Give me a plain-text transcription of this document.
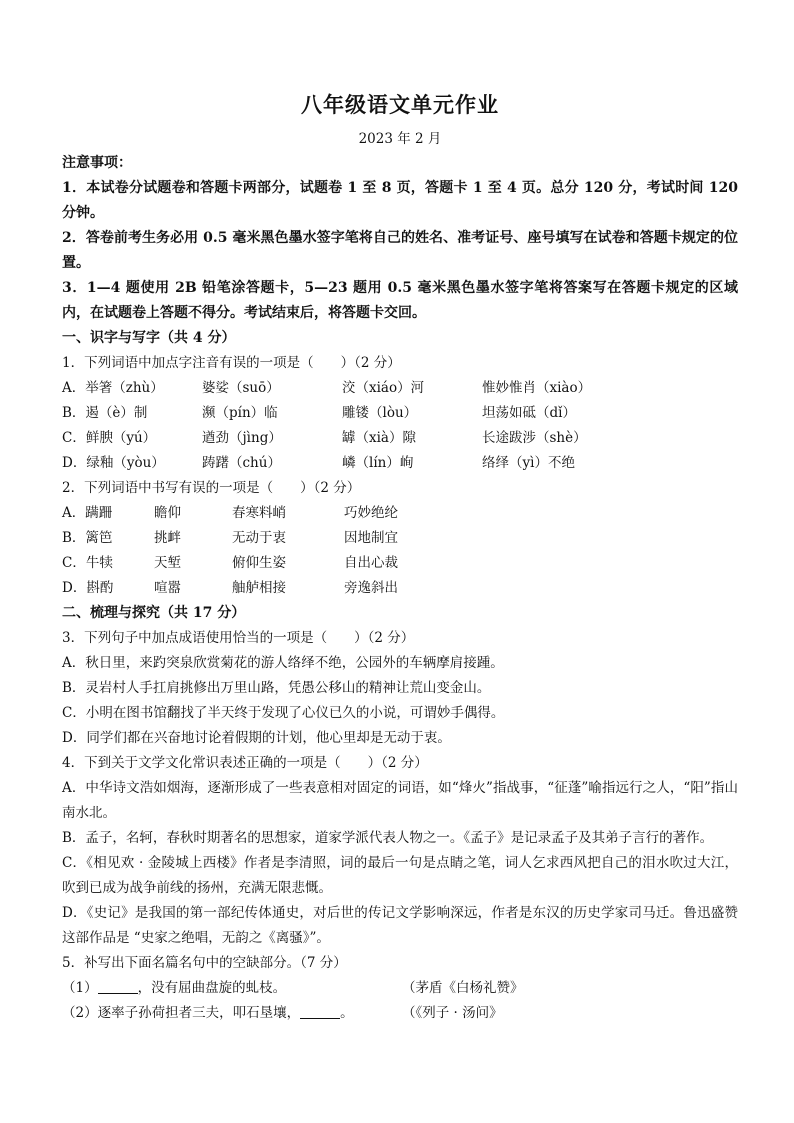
八年级语文单元作业
2023 年 2 月
注意事项：
1．本试卷分试题卷和答题卡两部分，试题卷 1 至 8 页，答题卡 1 至 4 页。总分 120 分，考试时间 120 分钟。
2．答卷前考生务必用 0.5 毫米黑色墨水签字笔将自己的姓名、准考证号、座号填写在试卷和答题卡规定的位置。
3．1—4 题使用 2B 铅笔涂答题卡，5—23 题用 0.5 毫米黑色墨水签字笔将答案写在答题卡规定的区域内，在试题卷上答题不得分。考试结束后，将答题卡交回。
一、识字与写字（共 4 分）
1．下列词语中加点字注音有误的一项是（　　）（2 分）
A．举箸（zhù）	婆娑（suō）	洨（xiáo）河	惟妙惟肖（xiào）
B．遏（è）制	濒（pín）临	雕镂（lòu）	坦荡如砥（dǐ）
C．鲜腴（yú）	遒劲（jìng）	罅（xià）隙	长途跋涉（shè）
D．绿釉（yòu）	踌躇（chú）	嶙（lín）峋	络绎（yì）不绝
2．下列词语中书写有误的一项是（　　）（2 分）
A．蹒跚	瞻仰	春寒料峭	巧妙绝纶
B．篱笆	挑衅	无动于衷	因地制宜
C．牛犊	天堑	俯仰生姿	自出心裁
D．斟酌	喧嚣	舳舻相接	旁逸斜出
二、梳理与探究（共 17 分）
3．下列句子中加点成语使用恰当的一项是（　　）（2 分）
A．秋日里，来趵突泉欣赏菊花的游人络绎不绝，公园外的车辆摩肩接踵。
B．灵岩村人手扛肩挑修出万里山路，凭愚公移山的精神让荒山变金山。
C．小明在图书馆翻找了半天终于发现了心仪已久的小说，可谓妙手偶得。
D．同学们都在兴奋地讨论着假期的计划，他心里却是无动于衷。
4．下到关于文学文化常识表述正确的一项是（　　）（2 分）
A．中华诗文浩如烟海，逐渐形成了一些表意相对固定的词语，如“烽火”指战事，“征蓬”喻指远行之人，“阳”指山南水北。
B．孟子，名轲，春秋时期著名的思想家，道家学派代表人物之一。《孟子》是记录孟子及其弟子言行的著作。
C．《相见欢 · 金陵城上西楼》作者是李清照，词的最后一句是点睛之笔，词人乞求西风把自己的泪水吹过大江，吹到已成为战争前线的扬州，充满无限悲慨。
D．《史记》是我国的第一部纪传体通史，对后世的传记文学影响深远，作者是东汉的历史学家司马迁。鲁迅盛赞这部作品是 “史家之绝唱，无韵之《离骚》”。
5．补写出下面名篇名句中的空缺部分。（7 分）
（1）	，没有屈曲盘旋的虬枝。	（茅盾《白杨礼赞》
（2）逐率子孙荷担者三夫，叩石垦壤，	。	（《列子 · 汤问》
